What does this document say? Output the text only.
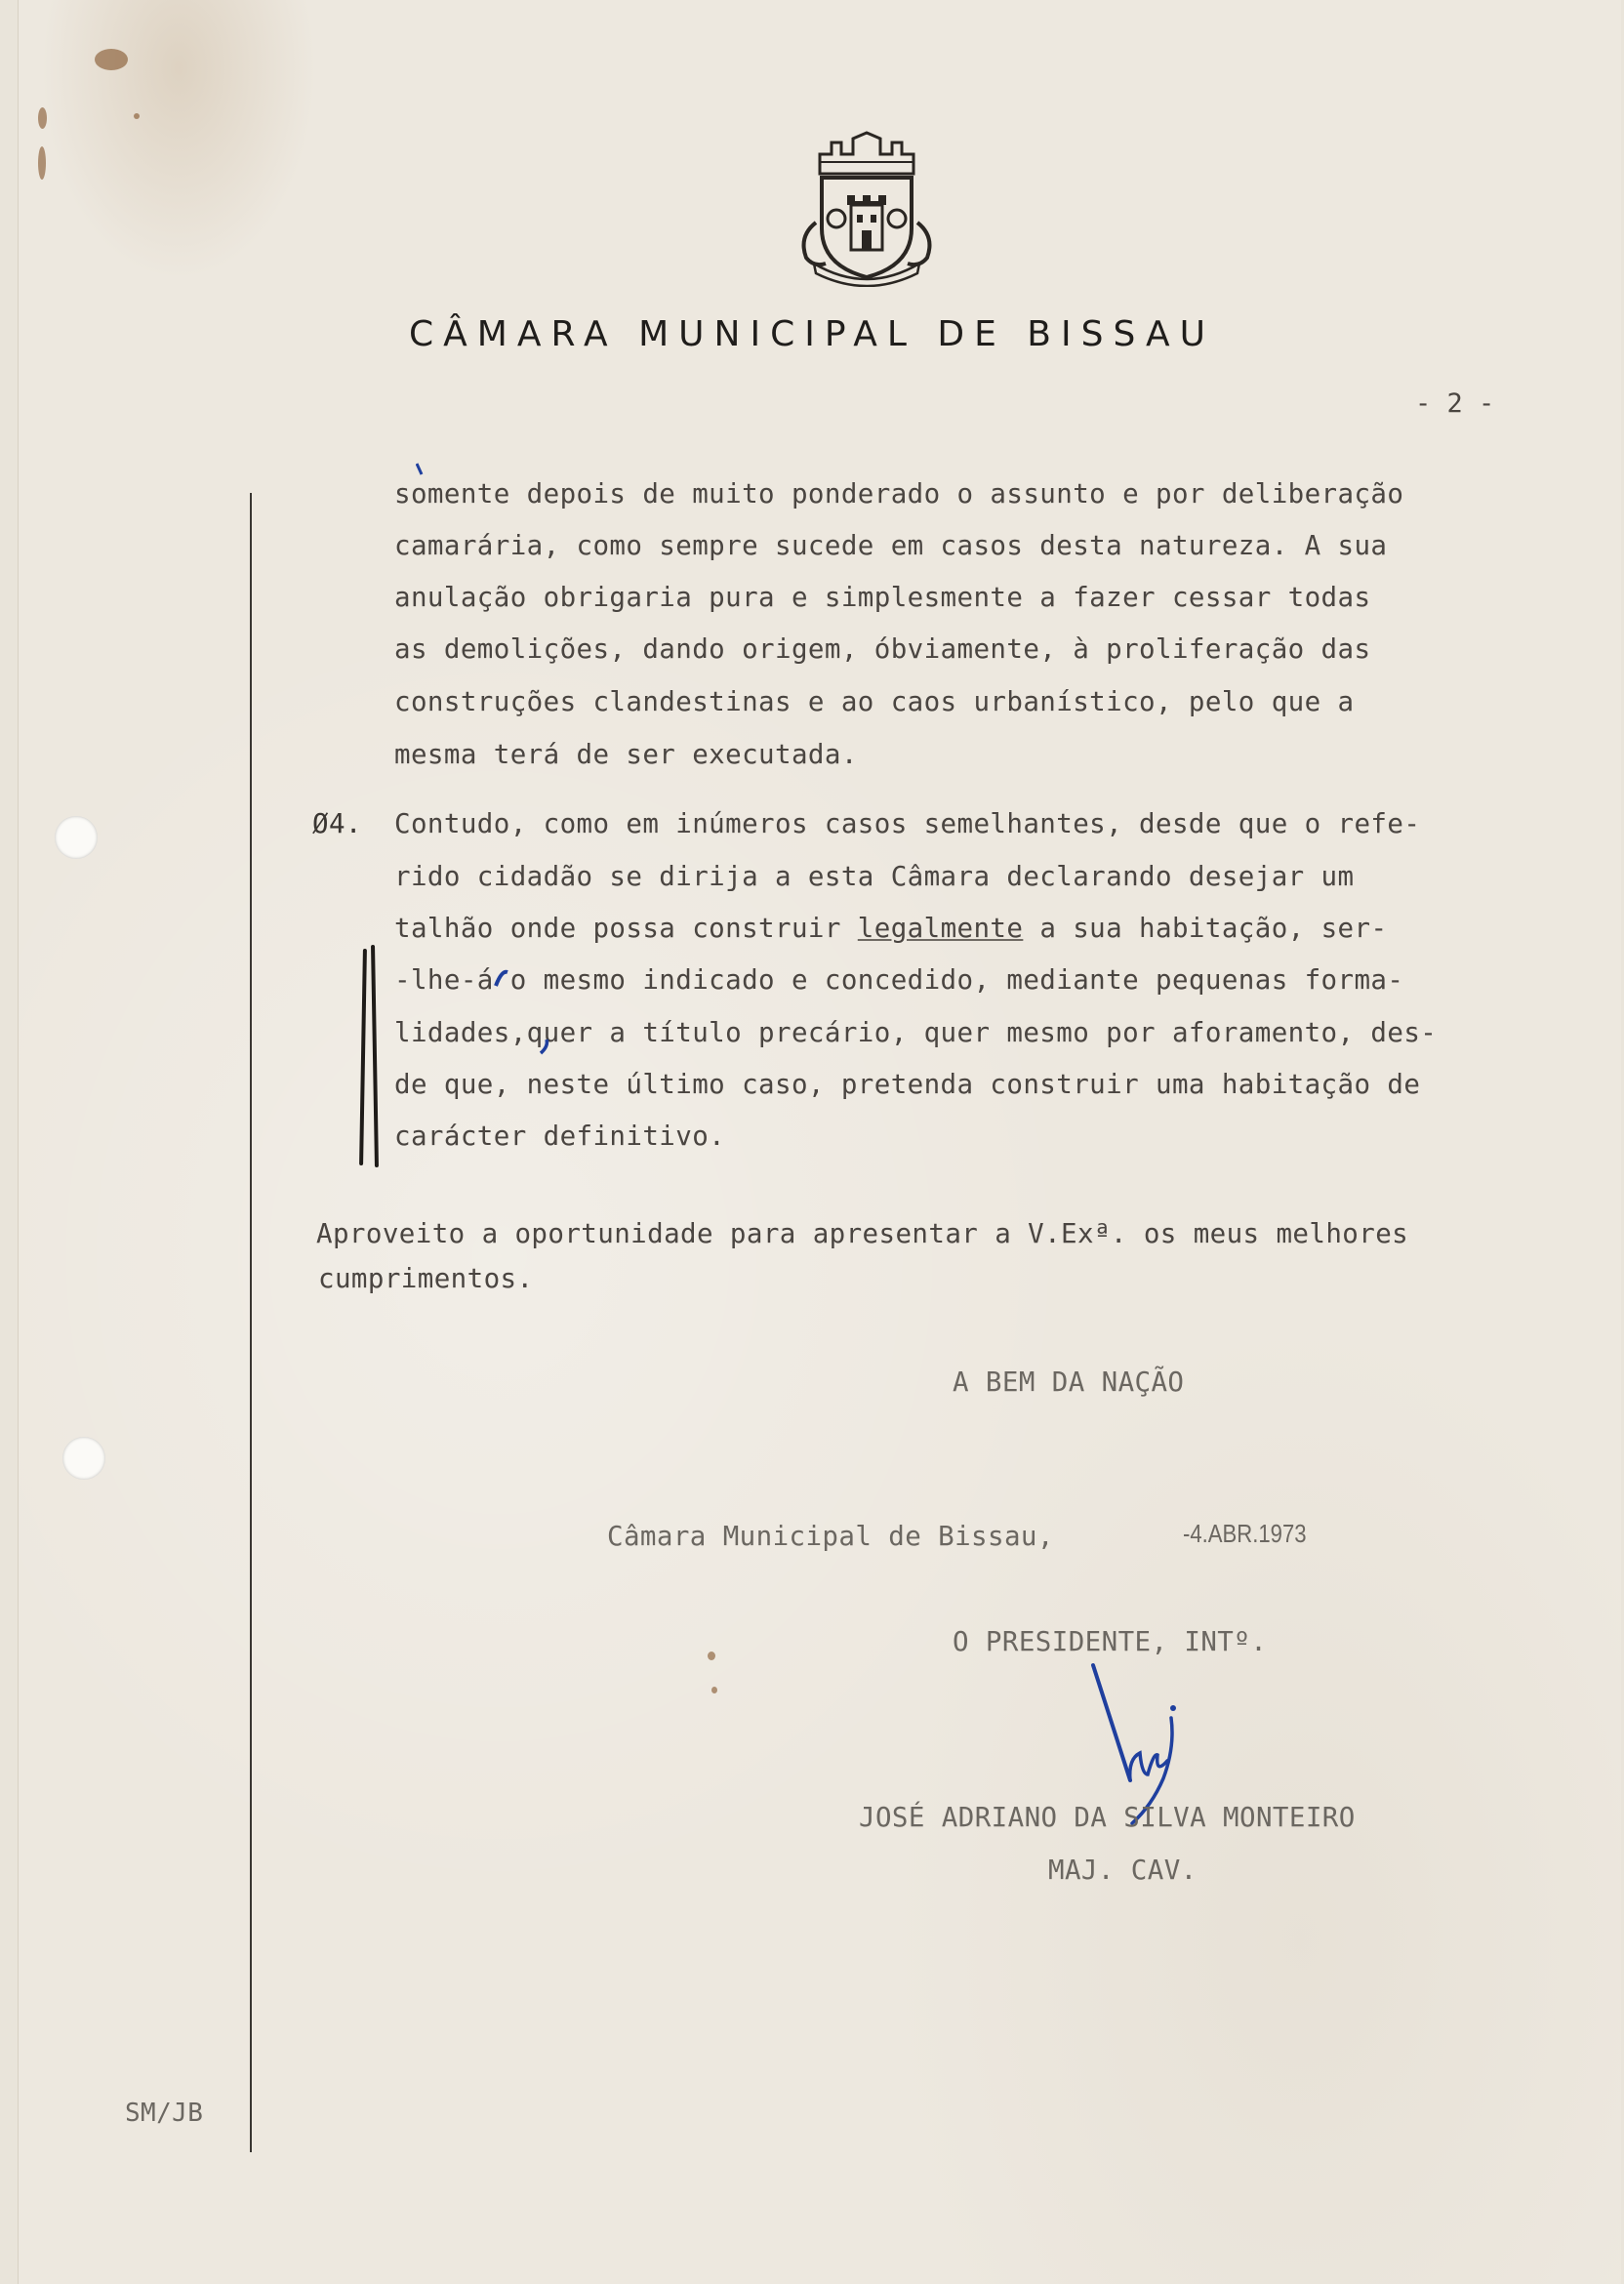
CÂMARA MUNICIPAL DE BISSAU
- 2 -
somente depois de muito ponderado o assunto e por deliberação
camarária, como sempre sucede em casos desta natureza. A sua
anulação obrigaria pura e simplesmente a fazer cessar todas
as demolições, dando origem, óbviamente, à proliferação das
construções clandestinas e ao caos urbanístico, pelo que a
mesma terá de ser executada.
Ø4. Contudo, como em inúmeros casos semelhantes, desde que o refe-
rido cidadão se dirija a esta Câmara declarando desejar um
talhão onde possa construir legalmente a sua habitação, ser-
-lhe-á o mesmo indicado e concedido, mediante pequenas forma-
lidades,quer a título precário, quer mesmo por aforamento, des-
de que, neste último caso, pretenda construir uma habitação de
carácter definitivo.
Aproveito a oportunidade para apresentar a V.Exª. os meus melhores
cumprimentos.
A BEM DA NAÇÃO
Câmara Municipal de Bissau,	-4.ABR.1973
O PRESIDENTE, INTº.
JOSÉ ADRIANO DA SILVA MONTEIRO
MAJ. CAV.
SM/JB
